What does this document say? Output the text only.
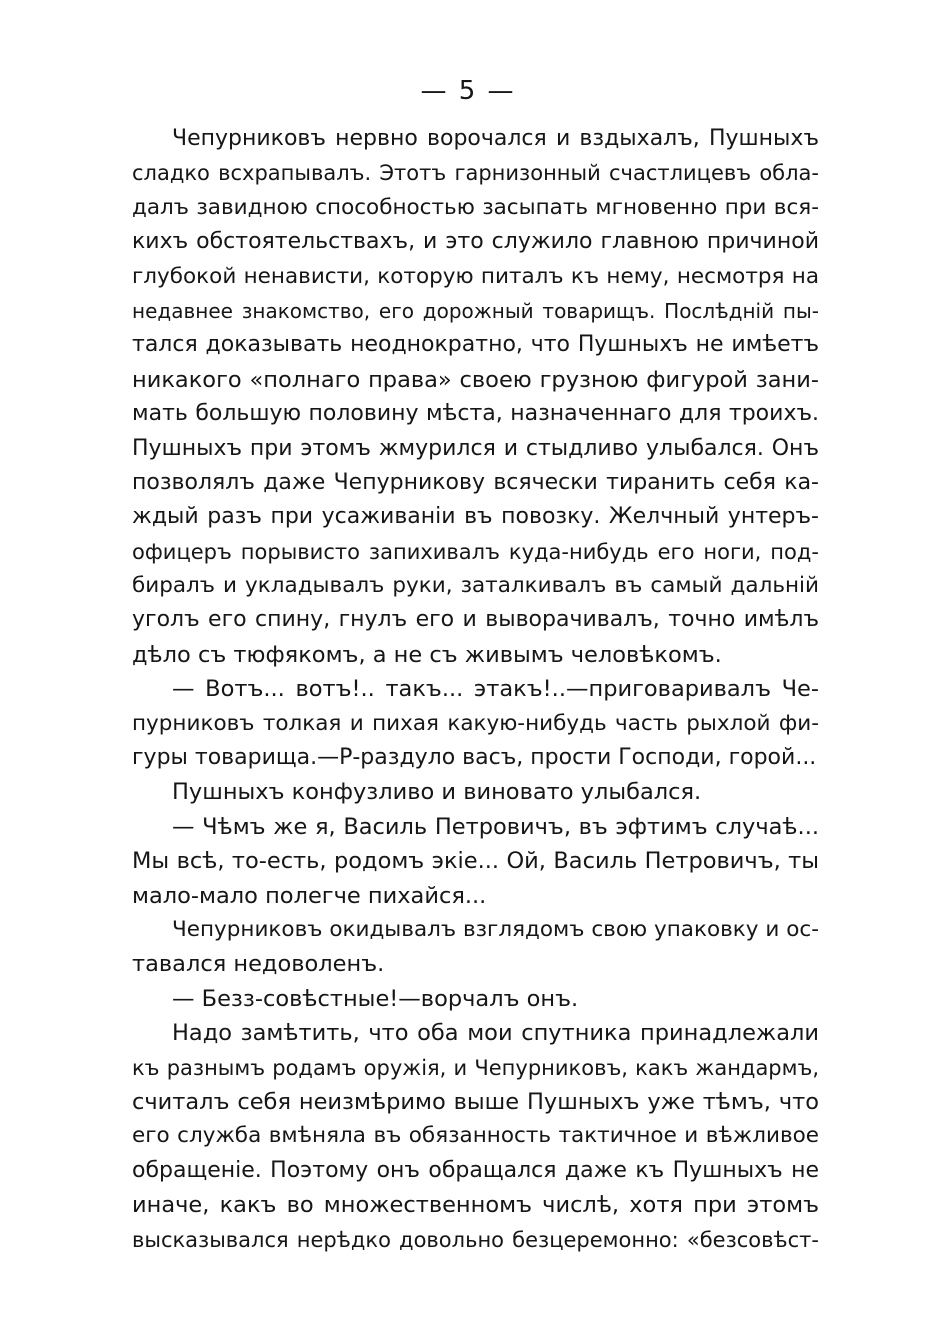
— 5 —
Чепурниковъ нервно ворочался и вздыхалъ, Пушныхъ
сладко всхрапывалъ. Этотъ гарнизонный счастлицевъ обла-
далъ завидною способностью засыпать мгновенно при вся-
кихъ обстоятельствахъ, и это служило главною причиной
глубокой ненависти, которую питалъ къ нему, несмотря на
недавнее знакомство, его дорожный товарищъ. Послѣдній пы-
тался доказывать неоднократно, что Пушныхъ не имѣетъ
никакого «полнаго права» своею грузною фигурой зани-
мать большую половину мѣста, назначеннаго для троихъ.
Пушныхъ при этомъ жмурился и стыдливо улыбался. Онъ
позволялъ даже Чепурникову всячески тиранить себя ка-
ждый разъ при усаживаніи въ повозку. Желчный унтеръ-
офицеръ порывисто запихивалъ куда-нибудь его ноги, под-
биралъ и укладывалъ руки, заталкивалъ въ самый дальній
уголъ его спину, гнулъ его и выворачивалъ, точно имѣлъ
дѣло съ тюфякомъ, а не съ живымъ человѣкомъ.
— Вотъ... вотъ!.. такъ... этакъ!..—приговаривалъ Че-
пурниковъ толкая и пихая какую-нибудь часть рыхлой фи-
гуры товарища.—Р-раздуло васъ, прости Господи, горой...
Пушныхъ конфузливо и виновато улыбался.
— Чѣмъ же я, Василь Петровичъ, въ эфтимъ случаѣ...
Мы всѣ, то-есть, родомъ экіе... Ой, Василь Петровичъ, ты
мало-мало полегче пихайся...
Чепурниковъ окидывалъ взглядомъ свою упаковку и ос-
тавался недоволенъ.
— Безз-совѣстные!—ворчалъ онъ.
Надо замѣтить, что оба мои спутника принадлежали
къ разнымъ родамъ оружія, и Чепурниковъ, какъ жандармъ,
считалъ себя неизмѣримо выше Пушныхъ уже тѣмъ, что
его служба вмѣняла въ обязанность тактичное и вѣжливое
обращеніе. Поэтому онъ обращался даже къ Пушныхъ не
иначе, какъ во множественномъ числѣ, хотя при этомъ
высказывался нерѣдко довольно безцеремонно: «безсовѣст-
